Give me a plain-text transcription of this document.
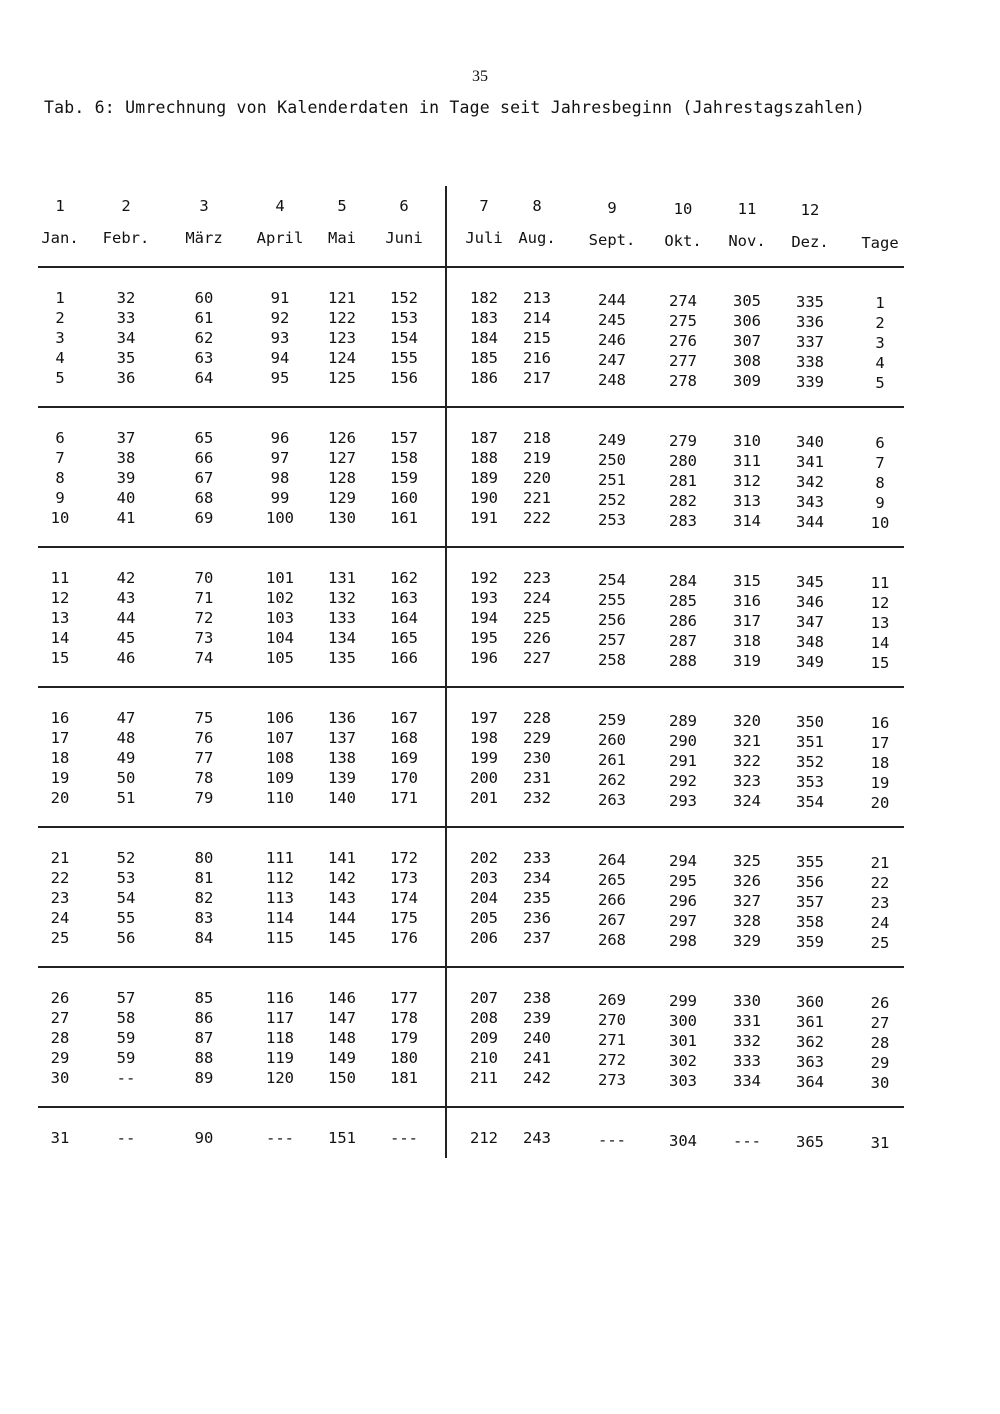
35
Tab. 6: Umrechnung von Kalenderdaten in Tage seit Jahresbeginn (Jahrestagszahlen)
1
Jan.
1
2
3
4
5
6
7
8
9
10
11
12
13
14
15
16
17
18
19
20
21
22
23
24
25
26
27
28
29
30
31
2
Febr.
32
33
34
35
36
37
38
39
40
41
42
43
44
45
46
47
48
49
50
51
52
53
54
55
56
57
58
59
59
--
--
3
März
60
61
62
63
64
65
66
67
68
69
70
71
72
73
74
75
76
77
78
79
80
81
82
83
84
85
86
87
88
89
90
4
April
91
92
93
94
95
96
97
98
99
100
101
102
103
104
105
106
107
108
109
110
111
112
113
114
115
116
117
118
119
120
---
5
Mai
121
122
123
124
125
126
127
128
129
130
131
132
133
134
135
136
137
138
139
140
141
142
143
144
145
146
147
148
149
150
151
6
Juni
152
153
154
155
156
157
158
159
160
161
162
163
164
165
166
167
168
169
170
171
172
173
174
175
176
177
178
179
180
181
---
7
Juli
182
183
184
185
186
187
188
189
190
191
192
193
194
195
196
197
198
199
200
201
202
203
204
205
206
207
208
209
210
211
212
8
Aug.
213
214
215
216
217
218
219
220
221
222
223
224
225
226
227
228
229
230
231
232
233
234
235
236
237
238
239
240
241
242
243
9
Sept.
244
245
246
247
248
249
250
251
252
253
254
255
256
257
258
259
260
261
262
263
264
265
266
267
268
269
270
271
272
273
---
10
Okt.
274
275
276
277
278
279
280
281
282
283
284
285
286
287
288
289
290
291
292
293
294
295
296
297
298
299
300
301
302
303
304
11
Nov.
305
306
307
308
309
310
311
312
313
314
315
316
317
318
319
320
321
322
323
324
325
326
327
328
329
330
331
332
333
334
---
12
Dez.
335
336
337
338
339
340
341
342
343
344
345
346
347
348
349
350
351
352
353
354
355
356
357
358
359
360
361
362
363
364
365
Tage
1
2
3
4
5
6
7
8
9
10
11
12
13
14
15
16
17
18
19
20
21
22
23
24
25
26
27
28
29
30
31
